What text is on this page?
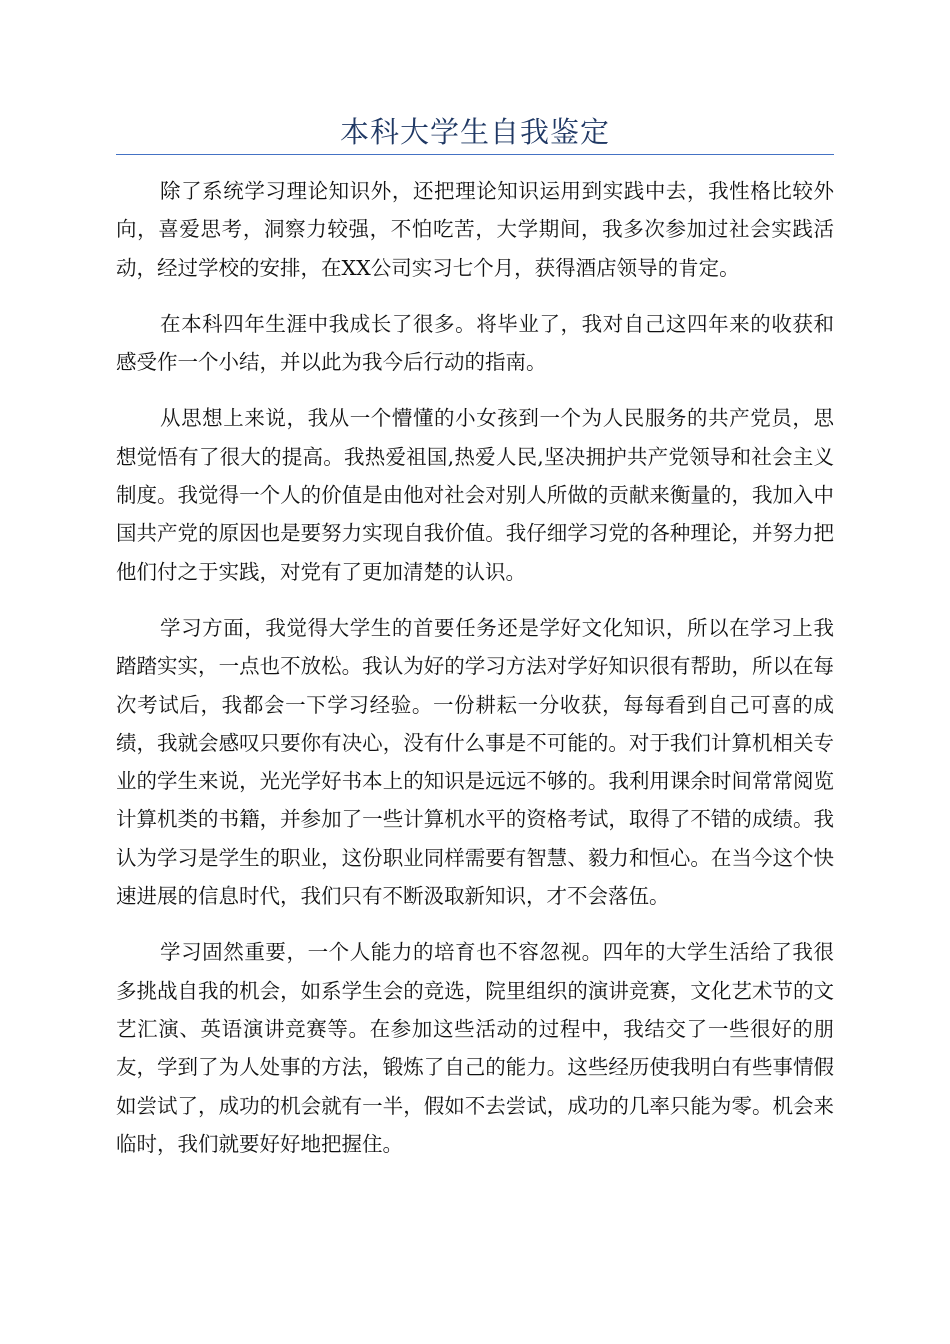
本科大学生自我鉴定

除了系统学习理论知识外，还把理论知识运用到实践中去，我性格比较外向，喜爱思考，洞察力较强，不怕吃苦，大学期间，我多次参加过社会实践活动，经过学校的安排，在XX公司实习七个月，获得酒店领导的肯定。

在本科四年生涯中我成长了很多。将毕业了，我对自己这四年来的收获和感受作一个小结，并以此为我今后行动的指南。

从思想上来说，我从一个懵懂的小女孩到一个为人民服务的共产党员，思想觉悟有了很大的提高。我热爱祖国,热爱人民,坚决拥护共产党领导和社会主义制度。我觉得一个人的价值是由他对社会对别人所做的贡献来衡量的，我加入中国共产党的原因也是要努力实现自我价值。我仔细学习党的各种理论，并努力把他们付之于实践，对党有了更加清楚的认识。

学习方面，我觉得大学生的首要任务还是学好文化知识，所以在学习上我踏踏实实，一点也不放松。我认为好的学习方法对学好知识很有帮助，所以在每次考试后，我都会一下学习经验。一份耕耘一分收获，每每看到自己可喜的成绩，我就会感叹只要你有决心，没有什么事是不可能的。对于我们计算机相关专业的学生来说，光光学好书本上的知识是远远不够的。我利用课余时间常常阅览计算机类的书籍，并参加了一些计算机水平的资格考试，取得了不错的成绩。我认为学习是学生的职业，这份职业同样需要有智慧、毅力和恒心。在当今这个快速进展的信息时代，我们只有不断汲取新知识，才不会落伍。

学习固然重要，一个人能力的培育也不容忽视。四年的大学生活给了我很多挑战自我的机会，如系学生会的竞选，院里组织的演讲竞赛，文化艺术节的文艺汇演、英语演讲竞赛等。在参加这些活动的过程中，我结交了一些很好的朋友，学到了为人处事的方法，锻炼了自己的能力。这些经历使我明白有些事情假如尝试了，成功的机会就有一半，假如不去尝试，成功的几率只能为零。机会来临时，我们就要好好地把握住。
